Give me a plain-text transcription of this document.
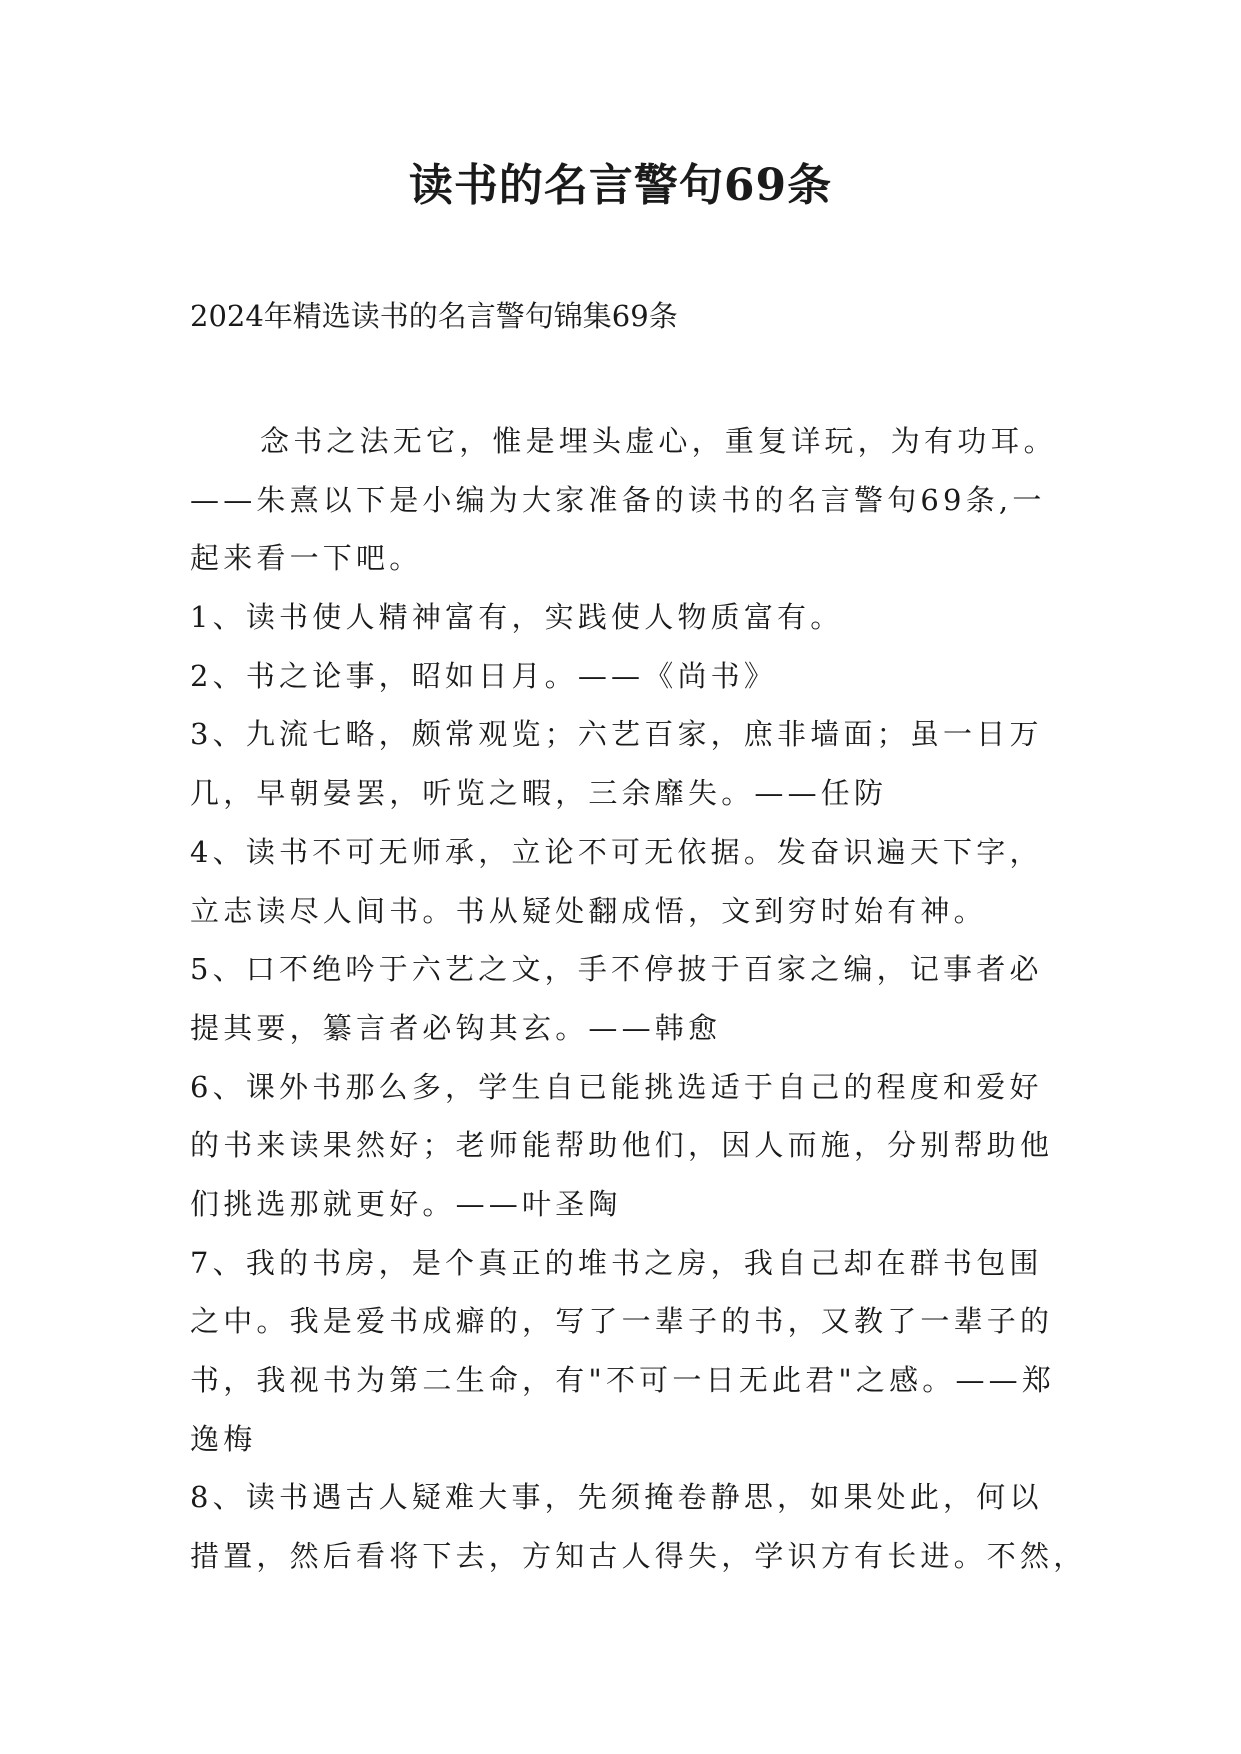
读书的名言警句69条
2024年精选读书的名言警句锦集69条
念书之法无它，惟是埋头虚心，重复详玩，为有功耳。
——朱熹以下是小编为大家准备的读书的名言警句69条,一
起来看一下吧。
1、读书使人精神富有，实践使人物质富有。
2、书之论事，昭如日月。——《尚书》
3、九流七略，颇常观览；六艺百家，庶非墙面；虽一日万
几，早朝晏罢，听览之暇，三余靡失。——任防
4、读书不可无师承，立论不可无依据。发奋识遍天下字，
立志读尽人间书。书从疑处翻成悟，文到穷时始有神。
5、口不绝吟于六艺之文，手不停披于百家之编，记事者必
提其要，纂言者必钩其玄。——韩愈
6、课外书那么多，学生自已能挑选适于自己的程度和爱好
的书来读果然好；老师能帮助他们，因人而施，分别帮助他
们挑选那就更好。——叶圣陶
7、我的书房，是个真正的堆书之房，我自己却在群书包围
之中。我是爱书成癖的，写了一辈子的书，又教了一辈子的
书，我视书为第二生命，有"不可一日无此君"之感。——郑
逸梅
8、读书遇古人疑难大事，先须掩卷静思，如果处此，何以
措置，然后看将下去，方知古人得失，学识方有长进。不然，
